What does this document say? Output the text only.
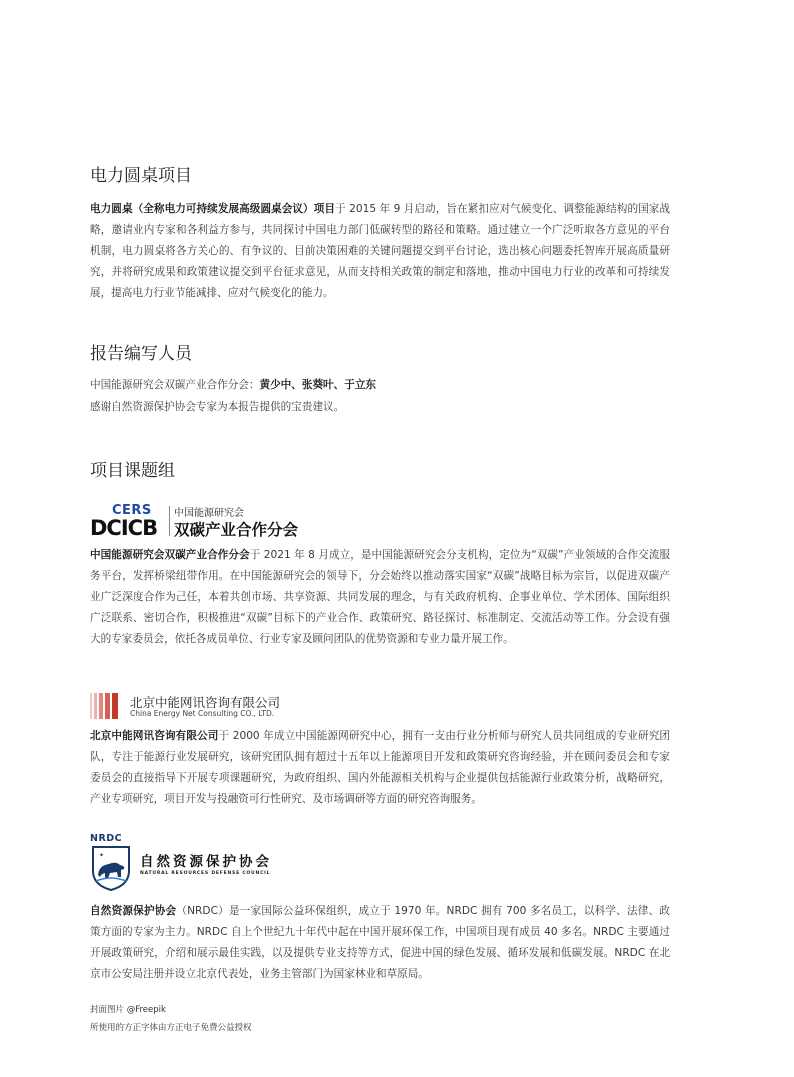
电力圆桌项目

电力圆桌（全称电力可持续发展高级圆桌会议）项目于 2015 年 9 月启动，旨在紧扣应对气候变化、调整能源结构的国家战略，邀请业内专家和各利益方参与，共同探讨中国电力部门低碳转型的路径和策略。通过建立一个广泛听取各方意见的平台机制，电力圆桌将各方关心的、有争议的、目前决策困难的关键问题提交到平台讨论，选出核心问题委托智库开展高质量研究，并将研究成果和政策建议提交到平台征求意见，从而支持相关政策的制定和落地，推动中国电力行业的改革和可持续发展，提高电力行业节能减排、应对气候变化的能力。

报告编写人员
中国能源研究会双碳产业合作分会：黄少中、张葵叶、于立东
感谢自然资源保护协会专家为本报告提供的宝贵建议。
项目课题组
CERS
DCICB
中国能源研究会
双碳产业合作分会

中国能源研究会双碳产业合作分会于 2021 年 8 月成立，是中国能源研究会分支机构，定位为“双碳”产业领域的合作交流服务平台，发挥桥梁纽带作用。在中国能源研究会的领导下，分会始终以推动落实国家“双碳”战略目标为宗旨，以促进双碳产业广泛深度合作为己任，本着共创市场、共享资源、共同发展的理念，与有关政府机构、企事业单位、学术团体、国际组织广泛联系、密切合作，积极推进“双碳”目标下的产业合作、政策研究、路径探讨、标准制定、交流活动等工作。分会设有强大的专家委员会，依托各成员单位、行业专家及顾问团队的优势资源和专业力量开展工作。

北京中能网讯咨询有限公司
China Energy Net Consulting CO., LTD.

北京中能网讯咨询有限公司于 2000 年成立中国能源网研究中心，拥有一支由行业分析师与研究人员共同组成的专业研究团队，专注于能源行业发展研究，该研究团队拥有超过十五年以上能源项目开发和政策研究咨询经验，并在顾问委员会和专家委员会的直接指导下开展专项课题研究，为政府组织、国内外能源相关机构与企业提供包括能源行业政策分析，战略研究，产业专项研究，项目开发与投融资可行性研究、及市场调研等方面的研究咨询服务。

NRDC
✦	自然资源保护协会
NATURAL RESOURCES DEFENSE COUNCIL

自然资源保护协会（NRDC）是一家国际公益环保组织，成立于 1970 年。NRDC 拥有 700 多名员工，以科学、法律、政策方面的专家为主力。NRDC 自上个世纪九十年代中起在中国开展环保工作，中国项目现有成员 40 多名。NRDC 主要通过开展政策研究，介绍和展示最佳实践，以及提供专业支持等方式，促进中国的绿色发展、循环发展和低碳发展。NRDC 在北京市公安局注册并设立北京代表处，业务主管部门为国家林业和草原局。

封面图片 @Freepik
所使用的方正字体由方正电子免费公益授权
